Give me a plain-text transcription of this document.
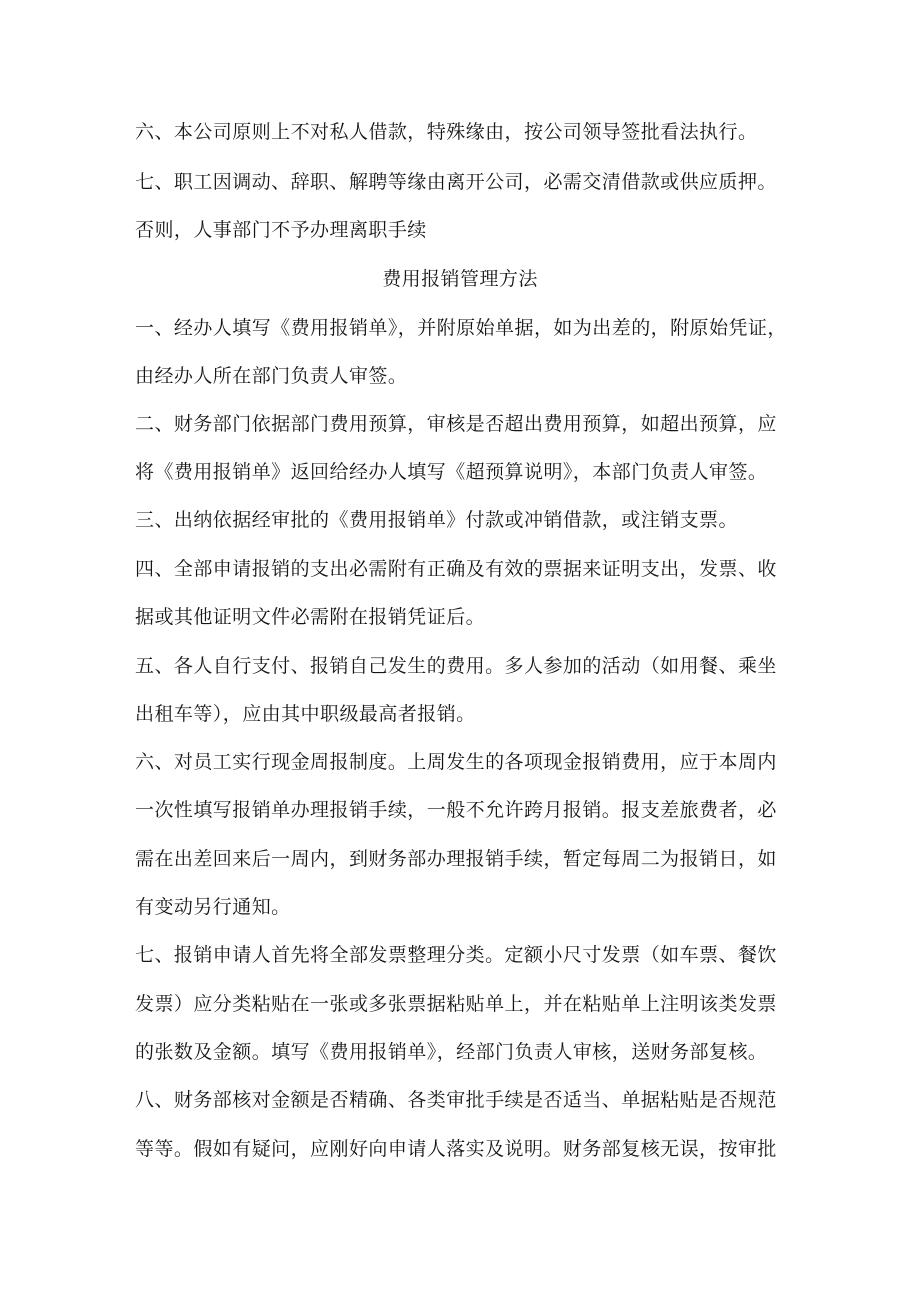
六、本公司原则上不对私人借款，特殊缘由，按公司领导签批看法执行。

七、职工因调动、辞职、解聘等缘由离开公司，必需交清借款或供应质押。

否则，人事部门不予办理离职手续

费用报销管理方法

一、经办人填写《费用报销单》，并附原始单据，如为出差的，附原始凭证，

由经办人所在部门负责人审签。

二、财务部门依据部门费用预算，审核是否超出费用预算，如超出预算，应

将《费用报销单》返回给经办人填写《超预算说明》，本部门负责人审签。

三、出纳依据经审批的《费用报销单》付款或冲销借款，或注销支票。

四、全部申请报销的支出必需附有正确及有效的票据来证明支出，发票、收

据或其他证明文件必需附在报销凭证后。

五、各人自行支付、报销自己发生的费用。多人参加的活动（如用餐、乘坐

出租车等），应由其中职级最高者报销。

六、对员工实行现金周报制度。上周发生的各项现金报销费用，应于本周内

一次性填写报销单办理报销手续，一般不允许跨月报销。报支差旅费者，必

需在出差回来后一周内，到财务部办理报销手续，暂定每周二为报销日，如

有变动另行通知。

七、报销申请人首先将全部发票整理分类。定额小尺寸发票（如车票、餐饮

发票）应分类粘贴在一张或多张票据粘贴单上，并在粘贴单上注明该类发票

的张数及金额。填写《费用报销单》，经部门负责人审核，送财务部复核。

八、财务部核对金额是否精确、各类审批手续是否适当、单据粘贴是否规范

等等。假如有疑问，应刚好向申请人落实及说明。财务部复核无误，按审批
